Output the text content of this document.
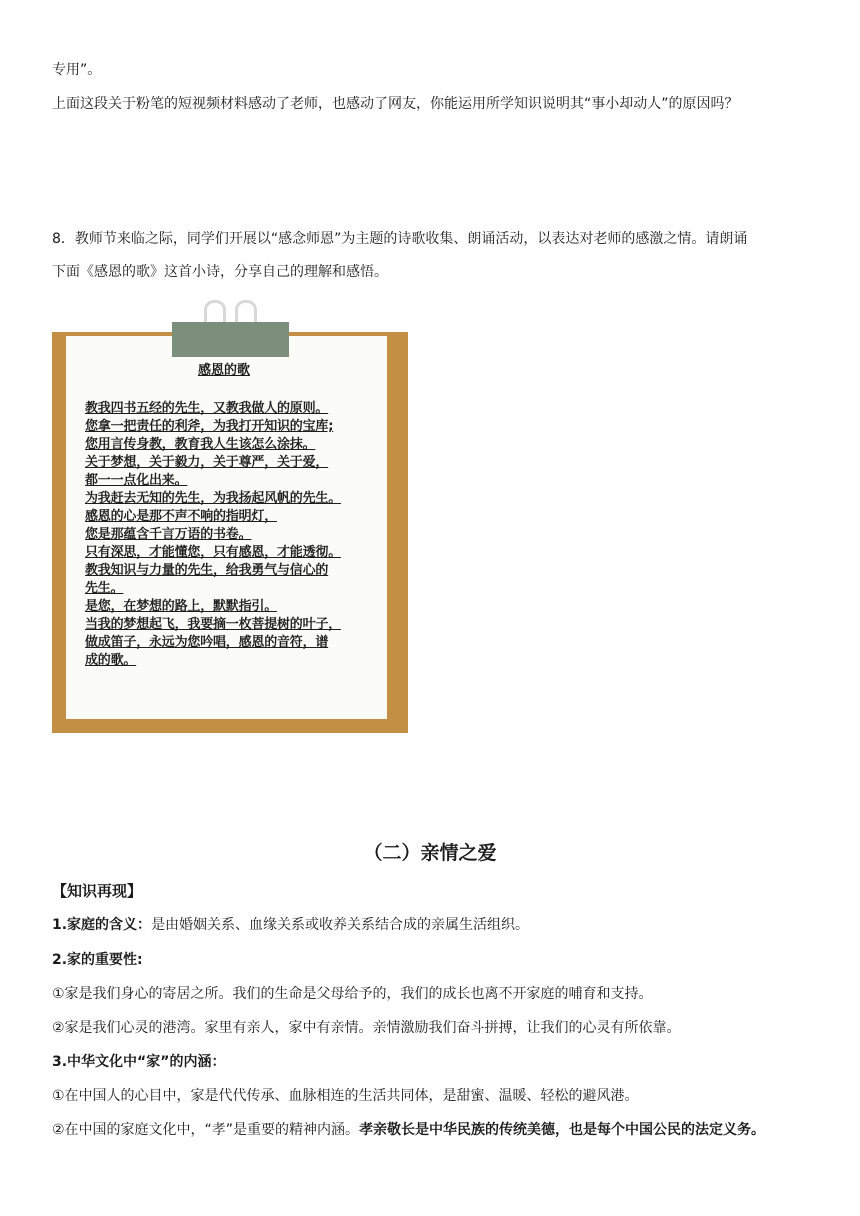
专用”。
上面这段关于粉笔的短视频材料感动了老师，也感动了网友，你能运用所学知识说明其“事小却动人”的原因吗？
8．教师节来临之际，同学们开展以“感念师恩”为主题的诗歌收集、朗诵活动，以表达对老师的感激之情。请朗诵
下面《感恩的歌》这首小诗，分享自己的理解和感悟。
感恩的歌
教我四书五经的先生，又教我做人的原则。
您拿一把责任的利斧，为我打开知识的宝库;
您用言传身教，教育我人生该怎么涂抹。
关于梦想，关于毅力，关于尊严，关于爱，
都一一点化出来。
为我赶去无知的先生，为我扬起风帆的先生。
感恩的心是那不声不响的指明灯，
您是那蕴含千言万语的书卷。
只有深思，才能懂您，只有感恩，才能透彻。
教我知识与力量的先生，给我勇气与信心的
先生。
是您，在梦想的路上，默默指引。
当我的梦想起飞，我要摘一枚菩提树的叶子，
做成笛子，永远为您吟唱，感恩的音符，谱
成的歌。
（二）亲情之爱
【知识再现】
1.家庭的含义：是由婚姻关系、血缘关系或收养关系结合成的亲属生活组织。
2.家的重要性:
①家是我们身心的寄居之所。我们的生命是父母给予的，我们的成长也离不开家庭的哺育和支持。
②家是我们心灵的港湾。家里有亲人，家中有亲情。亲情激励我们奋斗拼搏，让我们的心灵有所依靠。
3.中华文化中“家”的内涵：
①在中国人的心目中，家是代代传承、血脉相连的生活共同体，是甜蜜、温暖、轻松的避风港。
②在中国的家庭文化中，“孝”是重要的精神内涵。孝亲敬长是中华民族的传统美德，也是每个中国公民的法定义务。
